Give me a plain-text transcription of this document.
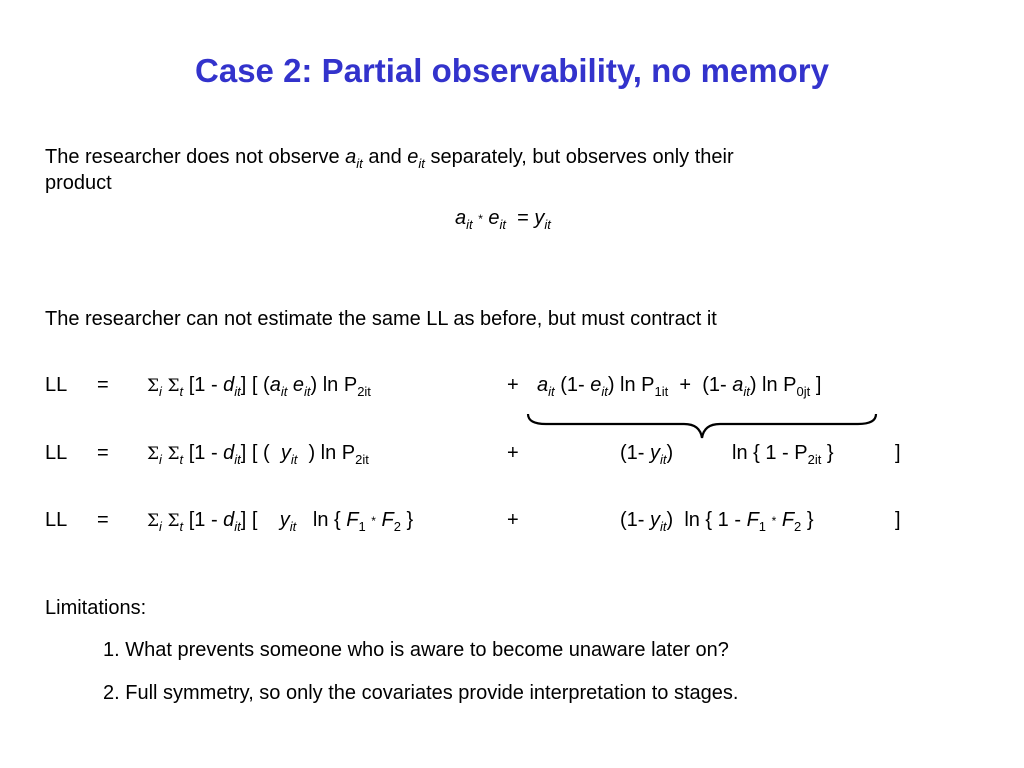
Case 2: Partial observability, no memory
The researcher does not observe $a_{it}$ and $e_{it}$ separately, but observes only their
product
$a_{it} * e_{it} = y_{it}$
The researcher can not estimate the same LL as before, but must contract it
LL = $\Sigma_i$ $\Sigma_t$ $[1 - d_{it}]$ [ ($a_{it}$ $e_{it}$) $\ln P_{2it}$	+ $a_{it}$ (1- $e_{it}$) $\ln P_{1it} + (1-$ $a_{it}$) $\ln P_{0jt}$ ]
LL = $\Sigma_i$ $\Sigma_t$ $[1 - d_{it}]$ [ ( $y_{it}$ ) $\ln P_{2it}$	+	(1- $y_{it}$)	ln { $1 - P_{2it}$ }	]
LL = $\Sigma_i$ $\Sigma_t$ $[1 - d_{it}]$ [ $y_{it}$ ln { $F_1 * F_2$ }	+	(1- $y_{it}$) ln { $1 - F_1 * F_2$ }	]
Limitations:
1. What prevents someone who is aware to become unaware later on?
2. Full symmetry, so only the covariates provide interpretation to stages.
